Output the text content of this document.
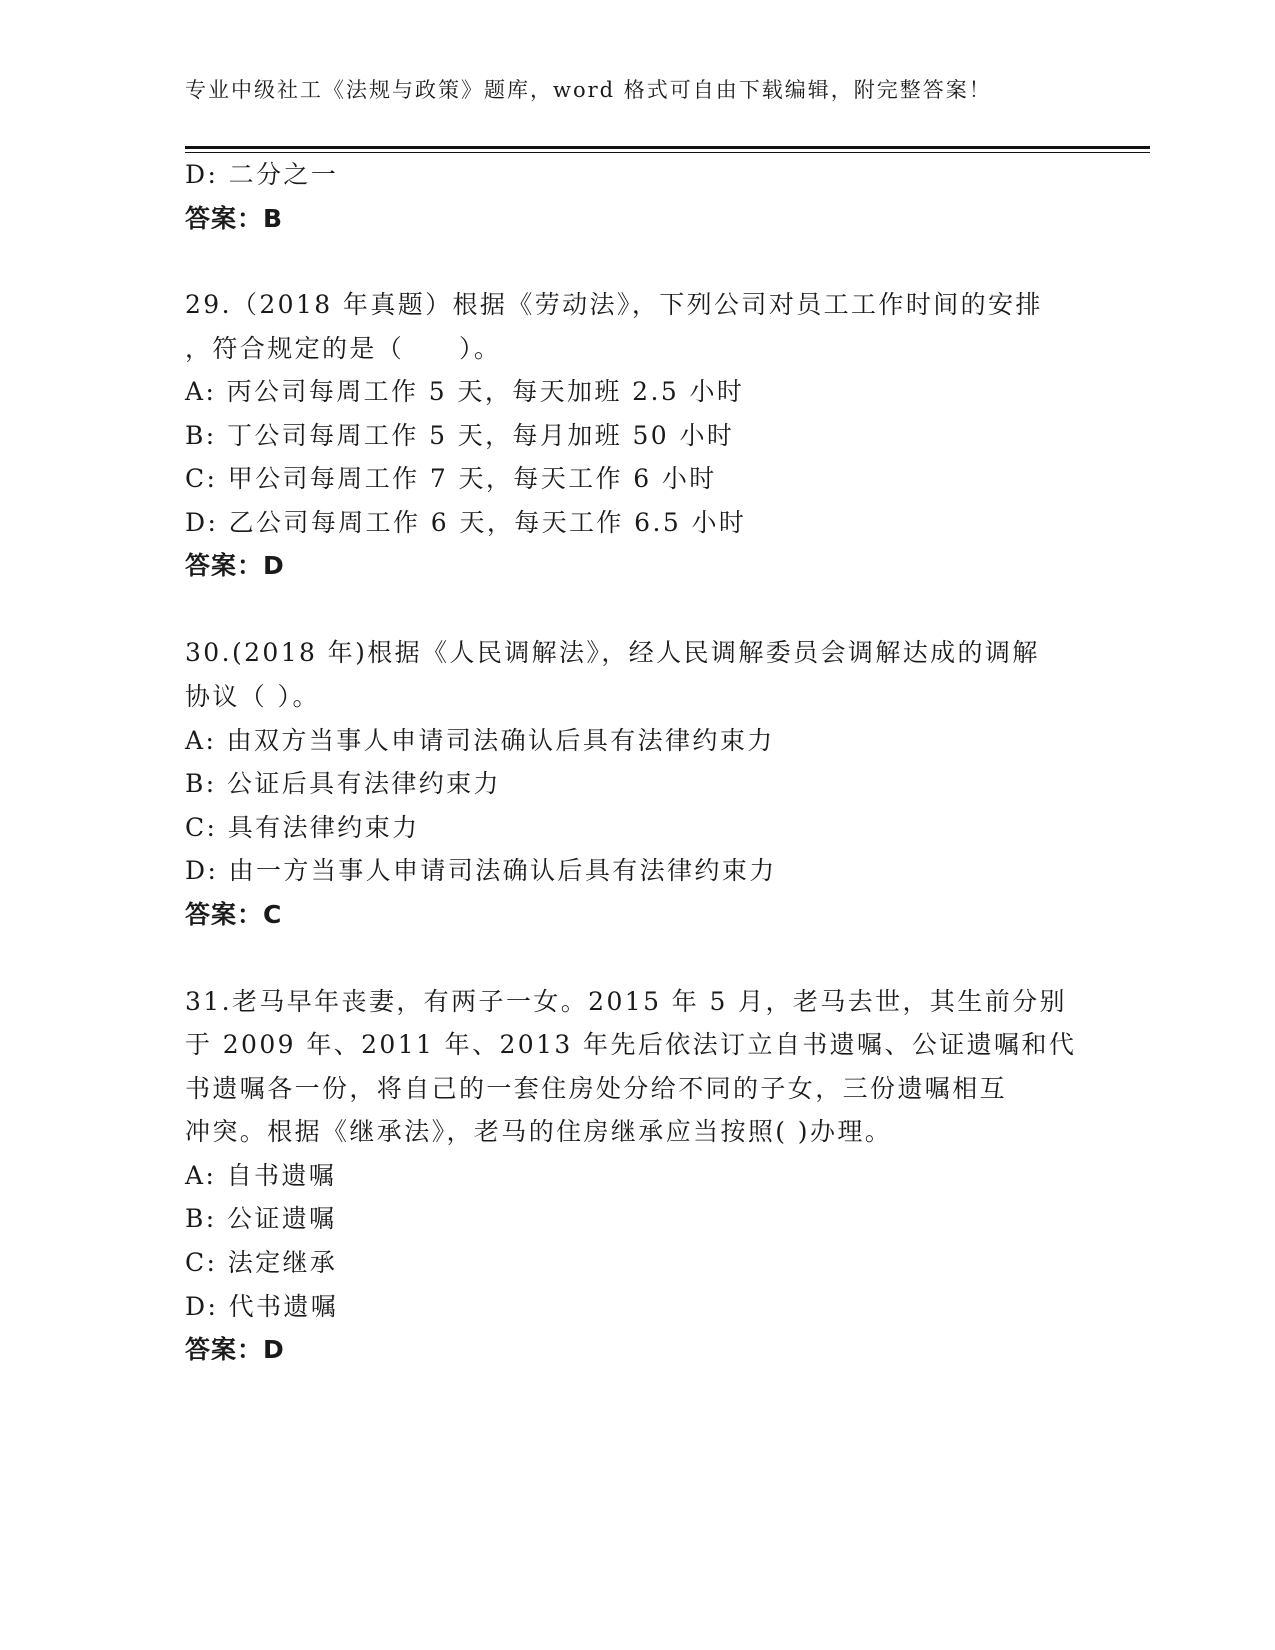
专业中级社工《法规与政策》题库，word 格式可自由下载编辑，附完整答案！
D: 二分之一
答案：B
29.（2018 年真题）根据《劳动法》，下列公司对员工工作时间的安排
，符合规定的是（　　）。
A: 丙公司每周工作 5 天，每天加班 2.5 小时
B: 丁公司每周工作 5 天，每月加班 50 小时
C: 甲公司每周工作 7 天，每天工作 6 小时
D: 乙公司每周工作 6 天，每天工作 6.5 小时
答案：D
30.(2018 年)根据《人民调解法》，经人民调解委员会调解达成的调解
协议（ ）。
A: 由双方当事人申请司法确认后具有法律约束力
B: 公证后具有法律约束力
C: 具有法律约束力
D: 由一方当事人申请司法确认后具有法律约束力
答案：C
31.老马早年丧妻，有两子一女。2015 年 5 月，老马去世，其生前分别
于 2009 年、2011 年、2013 年先后依法订立自书遗嘱、公证遗嘱和代
书遗嘱各一份，将自己的一套住房处分给不同的子女，三份遗嘱相互
冲突。根据《继承法》，老马的住房继承应当按照( )办理。
A: 自书遗嘱
B: 公证遗嘱
C: 法定继承
D: 代书遗嘱
答案：D
